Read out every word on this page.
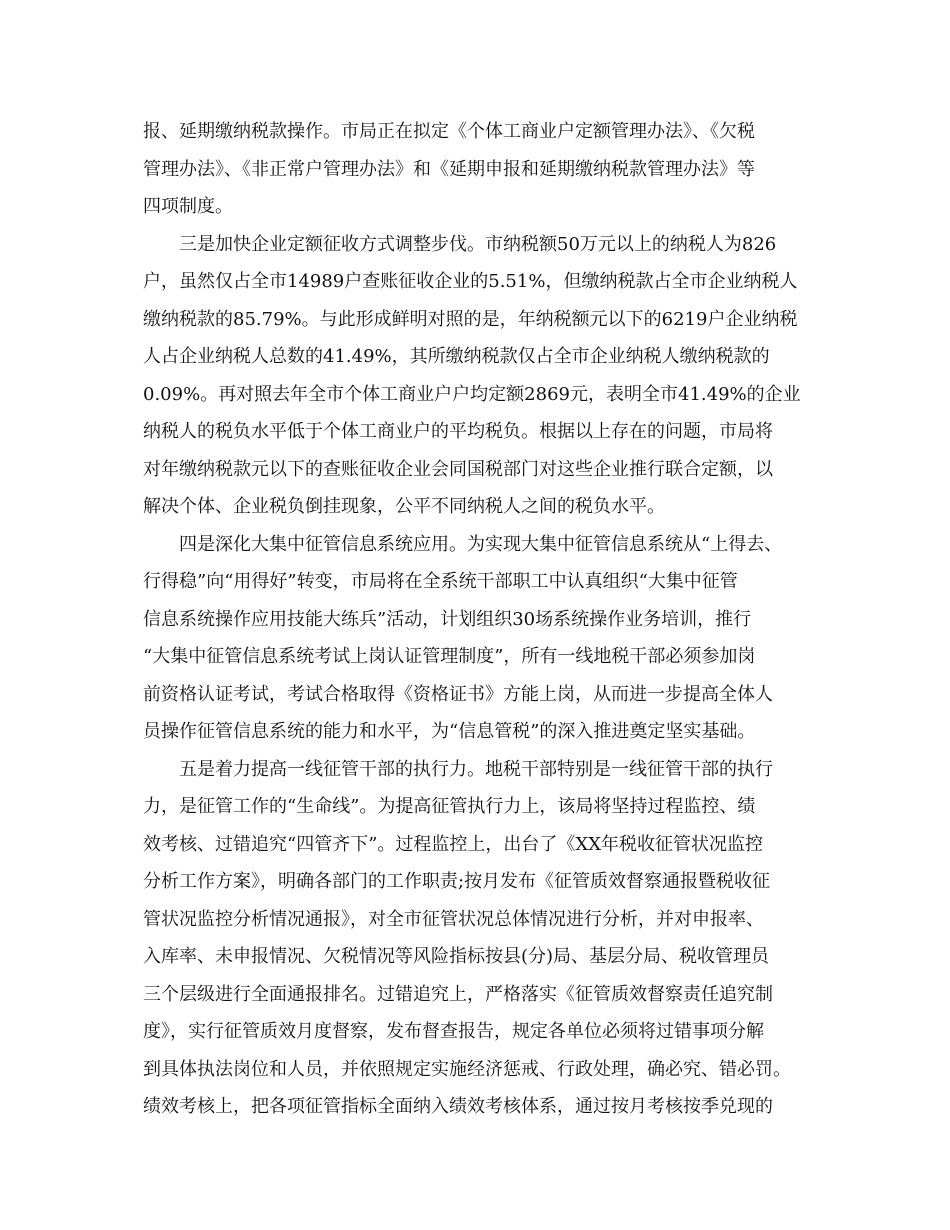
报、延期缴纳税款操作。市局正在拟定《个体工商业户定额管理办法》、《欠税
管理办法》、《非正常户管理办法》和《延期申报和延期缴纳税款管理办法》等
四项制度。
三是加快企业定额征收方式调整步伐。市纳税额50万元以上的纳税人为826
户，虽然仅占全市14989户查账征收企业的5.51%，但缴纳税款占全市企业纳税人
缴纳税款的85.79%。与此形成鲜明对照的是，年纳税额元以下的6219户企业纳税
人占企业纳税人总数的41.49%，其所缴纳税款仅占全市企业纳税人缴纳税款的
0.09%。再对照去年全市个体工商业户户均定额2869元，表明全市41.49%的企业
纳税人的税负水平低于个体工商业户的平均税负。根据以上存在的问题，市局将
对年缴纳税款元以下的查账征收企业会同国税部门对这些企业推行联合定额，以
解决个体、企业税负倒挂现象，公平不同纳税人之间的税负水平。
四是深化大集中征管信息系统应用。为实现大集中征管信息系统从“上得去、
行得稳”向“用得好”转变，市局将在全系统干部职工中认真组织“大集中征管
信息系统操作应用技能大练兵”活动，计划组织30场系统操作业务培训，推行
“大集中征管信息系统考试上岗认证管理制度”，所有一线地税干部必须参加岗
前资格认证考试，考试合格取得《资格证书》方能上岗，从而进一步提高全体人
员操作征管信息系统的能力和水平，为“信息管税”的深入推进奠定坚实基础。
五是着力提高一线征管干部的执行力。地税干部特别是一线征管干部的执行
力，是征管工作的“生命线”。为提高征管执行力上，该局将坚持过程监控、绩
效考核、过错追究“四管齐下”。过程监控上，出台了《XX年税收征管状况监控
分析工作方案》，明确各部门的工作职责;按月发布《征管质效督察通报暨税收征
管状况监控分析情况通报》，对全市征管状况总体情况进行分析，并对申报率、
入库率、未申报情况、欠税情况等风险指标按县(分)局、基层分局、税收管理员
三个层级进行全面通报排名。过错追究上，严格落实《征管质效督察责任追究制
度》，实行征管质效月度督察，发布督查报告，规定各单位必须将过错事项分解
到具体执法岗位和人员，并依照规定实施经济惩戒、行政处理，确必究、错必罚。
绩效考核上，把各项征管指标全面纳入绩效考核体系，通过按月考核按季兑现的
